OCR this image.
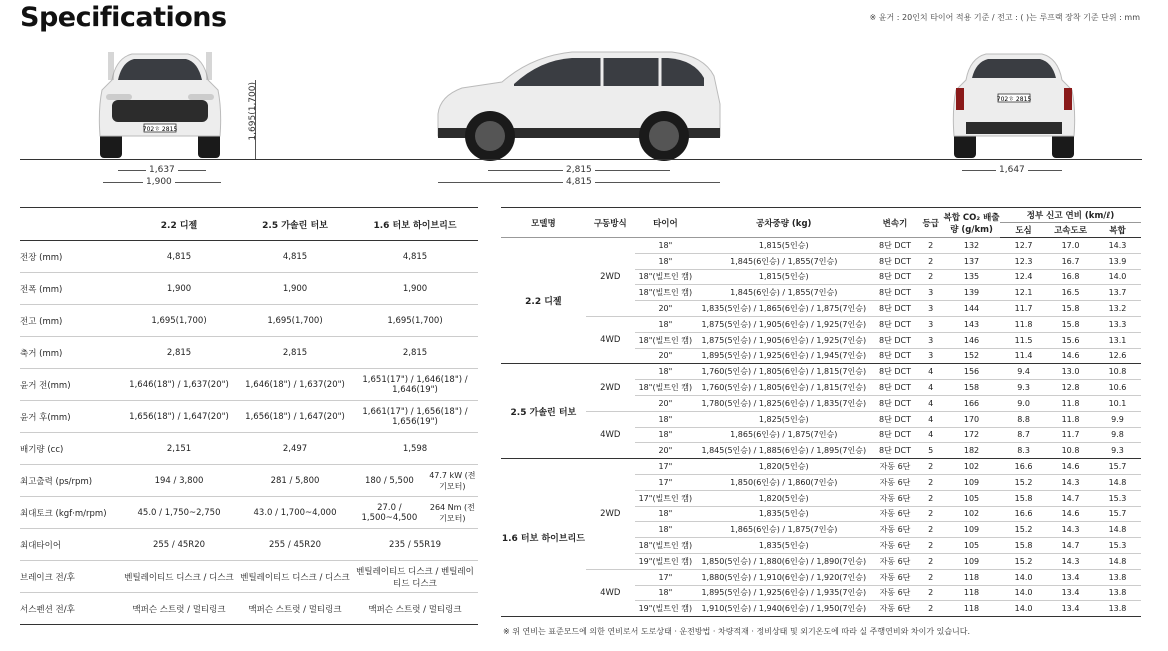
Specifications	※ 윤거 : 20인치 타이어 적용 기준 / 전고 : ( )는 루프랙 장착 기준 단위 : mm
702ㅎ 2815
702ㅎ 2815
1,695(1,700)
1,637
1,900
2,815
4,815
1,647
	2.2 디젤	2.5 가솔린 터보	1.6 터보 하이브리드	
전장 (mm)	4,815	4,815	4,815	
전폭 (mm)	1,900	1,900	1,900	
전고 (mm)	1,695(1,700)	1,695(1,700)	1,695(1,700)	
축거 (mm)	2,815	2,815	2,815	
윤거 전(mm)	1,646(18") / 1,637(20")	1,646(18") / 1,637(20")	1,651(17") / 1,646(18") / 1,646(19")	
윤거 후(mm)	1,656(18") / 1,647(20")	1,656(18") / 1,647(20")	1,661(17") / 1,656(18") / 1,656(19")	
배기량 (cc)	2,151	2,497	1,598	
최고출력 (ps/rpm)	194 / 3,800	281 / 5,800	180 / 5,500	47.7 kW (전기모터)
최대토크 (kgf·m/rpm)	45.0 / 1,750~2,750	43.0 / 1,700~4,000	27.0 / 1,500~4,500	264 Nm (전기모터)
최대타이어	255 / 45R20	255 / 45R20	235 / 55R19	
브레이크 전/후	벤틸레이티드 디스크 / 디스크	벤틸레이티드 디스크 / 디스크	벤틸레이티드 디스크 / 벤틸레이티드 디스크	
서스펜션 전/후	맥퍼슨 스트럿 / 멀티링크	맥퍼슨 스트럿 / 멀티링크	맥퍼슨 스트럿 / 멀티링크	
모델명	구동방식	타이어	공차중량 (kg)	변속기	등급	복합 CO₂ 배출량 (g/km)	정부 신고 연비 (km/ℓ)		
							도심	고속도로	복합
2.2 디젤	2WD	18"	1,815(5인승)	8단 DCT	2	132	12.7	17.0	14.3
		18"	1,845(6인승) / 1,855(7인승)	8단 DCT	2	137	12.3	16.7	13.9
		18"(빌트인 캠)	1,815(5인승)	8단 DCT	2	135	12.4	16.8	14.0
		18"(빌트인 캠)	1,845(6인승) / 1,855(7인승)	8단 DCT	3	139	12.1	16.5	13.7
		20"	1,835(5인승) / 1,865(6인승) / 1,875(7인승)	8단 DCT	3	144	11.7	15.8	13.2
	4WD	18"	1,875(5인승) / 1,905(6인승) / 1,925(7인승)	8단 DCT	3	143	11.8	15.8	13.3
		18"(빌트인 캠)	1,875(5인승) / 1,905(6인승) / 1,925(7인승)	8단 DCT	3	146	11.5	15.6	13.1
		20"	1,895(5인승) / 1,925(6인승) / 1,945(7인승)	8단 DCT	3	152	11.4	14.6	12.6
2.5 가솔린 터보	2WD	18"	1,760(5인승) / 1,805(6인승) / 1,815(7인승)	8단 DCT	4	156	9.4	13.0	10.8
		18"(빌트인 캠)	1,760(5인승) / 1,805(6인승) / 1,815(7인승)	8단 DCT	4	158	9.3	12.8	10.6
		20"	1,780(5인승) / 1,825(6인승) / 1,835(7인승)	8단 DCT	4	166	9.0	11.8	10.1
	4WD	18"	1,825(5인승)	8단 DCT	4	170	8.8	11.8	9.9
		18"	1,865(6인승) / 1,875(7인승)	8단 DCT	4	172	8.7	11.7	9.8
		20"	1,845(5인승) / 1,885(6인승) / 1,895(7인승)	8단 DCT	5	182	8.3	10.8	9.3
1.6 터보 하이브리드	2WD	17"	1,820(5인승)	자동 6단	2	102	16.6	14.6	15.7
		17"	1,850(6인승) / 1,860(7인승)	자동 6단	2	109	15.2	14.3	14.8
		17"(빌트인 캠)	1,820(5인승)	자동 6단	2	105	15.8	14.7	15.3
		18"	1,835(5인승)	자동 6단	2	102	16.6	14.6	15.7
		18"	1,865(6인승) / 1,875(7인승)	자동 6단	2	109	15.2	14.3	14.8
		18"(빌트인 캠)	1,835(5인승)	자동 6단	2	105	15.8	14.7	15.3
		19"(빌트인 캠)	1,850(5인승) / 1,880(6인승) / 1,890(7인승)	자동 6단	2	109	15.2	14.3	14.8
	4WD	17"	1,880(5인승) / 1,910(6인승) / 1,920(7인승)	자동 6단	2	118	14.0	13.4	13.8
		18"	1,895(5인승) / 1,925(6인승) / 1,935(7인승)	자동 6단	2	118	14.0	13.4	13.8
		19"(빌트인 캠)	1,910(5인승) / 1,940(6인승) / 1,950(7인승)	자동 6단	2	118	14.0	13.4	13.8
※ 위 연비는 표준모드에 의한 연비로서 도로상태 · 운전방법 · 차량적재 · 정비상태 및 외기온도에 따라 실 주행연비와 차이가 있습니다.
